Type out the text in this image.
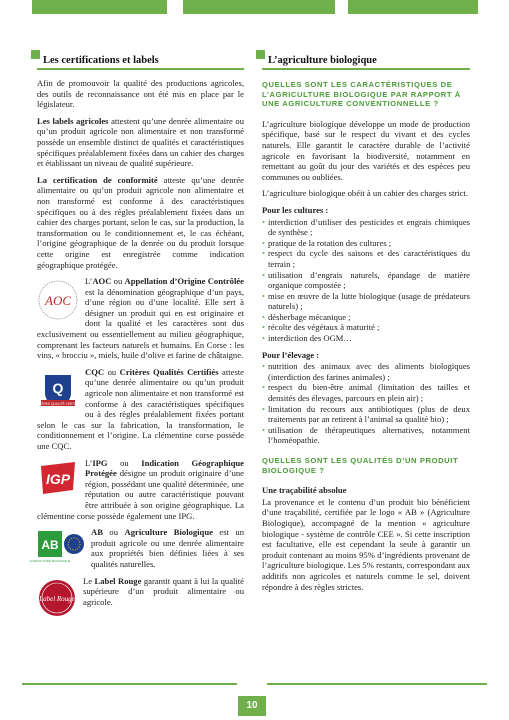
Les certifications et labels

Afin de promouvoir la qualité des productions agricoles, des outils de reconnaissance ont été mis en place par le législateur.

Les labels agricoles attestent qu’une denrée alimentaire ou qu’un produit agricole non alimentaire et non transformé possède un ensemble distinct de qualités et caractéristiques spécifiques préalablement fixées dans un cahier des charges et établissant un niveau de qualité supérieure.

La certification de conformité atteste qu’une denrée alimentaire ou qu’un produit agricole non alimentaire et non transformé est conforme à des caractéristiques spécifiques ou à des règles préalablement fixées dans un cahier des charges portant, selon le cas, sur la production, la transformation ou le conditionnement et, le cas échéant, l’origine géographique de la denrée ou du produit lorsque cette origine est enregistrée comme indication géographique protégée.

AOC
L’AOC ou Appellation d’Origine Contrôlée est la dénomination géographique d’un pays, d’une région ou d’une localité. Elle sert à désigner un produit qui en est originaire et dont la qualité et les caractères sont dus exclusivement ou essentiellement au milieu géographique, comprenant les facteurs naturels et humains. En Corse : les vins, « brocciu », miels, huile d’olive et farine de châtaigne.

Q
CRITÈRES QUALITÉ CERTIFIÉS
CQC ou Critères Qualités Certifiés atteste qu’une denrée alimentaire ou qu’un produit agricole non alimentaire et non transformé est conforme à des caractéristiques spécifiques ou à des règles préalablement fixées portant selon le cas sur la fabrication, la transformation, le conditionnement et l’origine. La clémentine corse possède une CQC.

IGP
L’IPG ou Indication Géographique Protégée désigne un produit originaire d’une région, possédant une qualité déterminée, une réputation ou autre caractéristique pouvant être attribuée à son origine géographique. La clémentine corse possède également une IPG.

AB
AGRICULTURE BIOLOGIQUE
AB ou Agriculture Biologique est un produit agricole ou une denrée alimentaire aux propriétés bien définies liées à ses qualités naturelles.

Label Rouge
Le Label Rouge garantit quant à lui la qualité supérieure d’un produit alimentaire ou agricole.

L’agriculture biologique
QUELLES SONT LES CARACTÉRISTIQUES DE L’AGRICULTURE BIOLOGIQUE PAR RAPPORT À UNE AGRICULTURE CONVENTIONNELLE ?

L’agriculture biologique développe un mode de production spécifique, basé sur le respect du vivant et des cycles naturels. Elle garantit le caractère durable de l’activité agricole en favorisant la biodiversité, notamment en remettant au goût du jour des variétés et des espèces peu communes ou oubliées.

L’agriculture biologique obéit à un cahier des charges strict.

Pour les cultures :
• interdiction d’utiliser des pesticides et engrais chimiques de synthèse ;
• pratique de la rotation des cultures ;
• respect du cycle des saisons et des caractéristiques du terrain ;
• utilisation d’engrais naturels, épandage de matière organique compostée ;
• mise en œuvre de la lutte biologique (usage de prédateurs naturels) ;
• désherbage mécanique ;
• récolte des végétaux à maturité ;
• interdiction des OGM…
Pour l’élevage :
• nutrition des animaux avec des aliments biologiques (interdiction des farines animales) ;
• respect du bien-être animal (limitation des tailles et densités des élevages, parcours en plein air) ;
• limitation du recours aux antibiotiques (plus de deux traitements par an retirent à l’animal sa qualité bio) ;
• utilisation de thérapeutiques alternatives, notamment l’homéopathie.
QUELLES SONT LES QUALITÉS D’UN PRODUIT BIOLOGIQUE ?
Une traçabilité absolue

La provenance et le contenu d’un produit bio bénéficient d’une traçabilité, certifiée par le logo « AB » (Agriculture Biologique), accompagné de la mention « agriculture biologique - système de contrôle CEE ». Si cette inscription est facultative, elle est cependant la seule à garantir un produit contenant au moins 95% d’ingrédients provenant de l’agriculture biologique. Les 5% restants, correspondant aux additifs non agricoles et naturels comme le sel, doivent répondre à des règles strictes.

10
